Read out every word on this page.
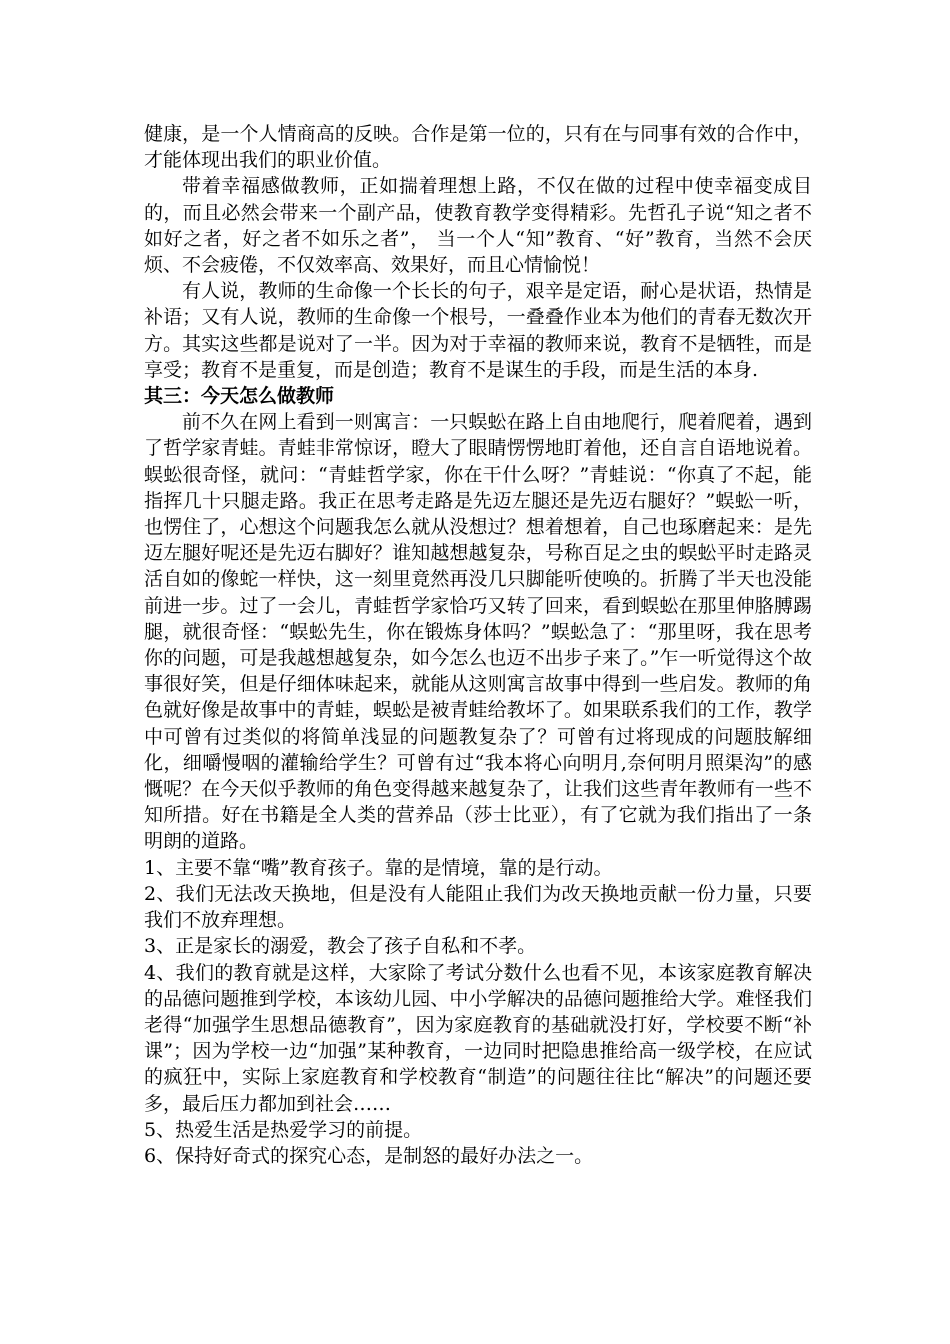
健康，是一个人情商高的反映。合作是第一位的，只有在与同事有效的合作中，才能体现出我们的职业价值。

带着幸福感做教师，正如揣着理想上路，不仅在做的过程中使幸福变成目的，而且必然会带来一个副产品，使教育教学变得精彩。先哲孔子说“知之者不如好之者，好之者不如乐之者”， 当一个人“知”教育、“好”教育，当然不会厌烦、不会疲倦，不仅效率高、效果好，而且心情愉悦！

有人说，教师的生命像一个长长的句子，艰辛是定语，耐心是状语，热情是补语；又有人说，教师的生命像一个根号，一叠叠作业本为他们的青春无数次开方。其实这些都是说对了一半。因为对于幸福的教师来说，教育不是牺牲，而是享受；教育不是重复，而是创造；教育不是谋生的手段，而是生活的本身.

其三：今天怎么做教师

前不久在网上看到一则寓言：一只蜈蚣在路上自由地爬行，爬着爬着，遇到了哲学家青蛙。青蛙非常惊讶，瞪大了眼睛愣愣地盯着他，还自言自语地说着。蜈蚣很奇怪，就问：“青蛙哲学家，你在干什么呀？”青蛙说：“你真了不起，能指挥几十只腿走路。我正在思考走路是先迈左腿还是先迈右腿好？”蜈蚣一听，也愣住了，心想这个问题我怎么就从没想过？想着想着，自己也琢磨起来：是先迈左腿好呢还是先迈右脚好？谁知越想越复杂，号称百足之虫的蜈蚣平时走路灵活自如的像蛇一样快，这一刻里竟然再没几只脚能听使唤的。折腾了半天也没能前进一步。过了一会儿，青蛙哲学家恰巧又转了回来，看到蜈蚣在那里伸胳膊踢腿，就很奇怪：“蜈蚣先生，你在锻炼身体吗？”蜈蚣急了：“那里呀，我在思考你的问题，可是我越想越复杂，如今怎么也迈不出步子来了。”乍一听觉得这个故事很好笑，但是仔细体味起来，就能从这则寓言故事中得到一些启发。教师的角色就好像是故事中的青蛙，蜈蚣是被青蛙给教坏了。如果联系我们的工作，教学中可曾有过类似的将简单浅显的问题教复杂了？可曾有过将现成的问题肢解细化，细嚼慢咽的灌输给学生？可曾有过“我本将心向明月,奈何明月照渠沟”的感慨呢？在今天似乎教师的角色变得越来越复杂了，让我们这些青年教师有一些不知所措。好在书籍是全人类的营养品（莎士比亚），有了它就为我们指出了一条明朗的道路。

1、主要不靠“嘴”教育孩子。靠的是情境，靠的是行动。

2、我们无法改天换地，但是没有人能阻止我们为改天换地贡献一份力量，只要我们不放弃理想。

3、正是家长的溺爱，教会了孩子自私和不孝。

4、我们的教育就是这样，大家除了考试分数什么也看不见，本该家庭教育解决的品德问题推到学校，本该幼儿园、中小学解决的品德问题推给大学。难怪我们老得“加强学生思想品德教育”，因为家庭教育的基础就没打好，学校要不断“补课”；因为学校一边“加强”某种教育，一边同时把隐患推给高一级学校，在应试的疯狂中，实际上家庭教育和学校教育“制造”的问题往往比“解决”的问题还要多，最后压力都加到社会……

5、热爱生活是热爱学习的前提。

6、保持好奇式的探究心态，是制怒的最好办法之一。
